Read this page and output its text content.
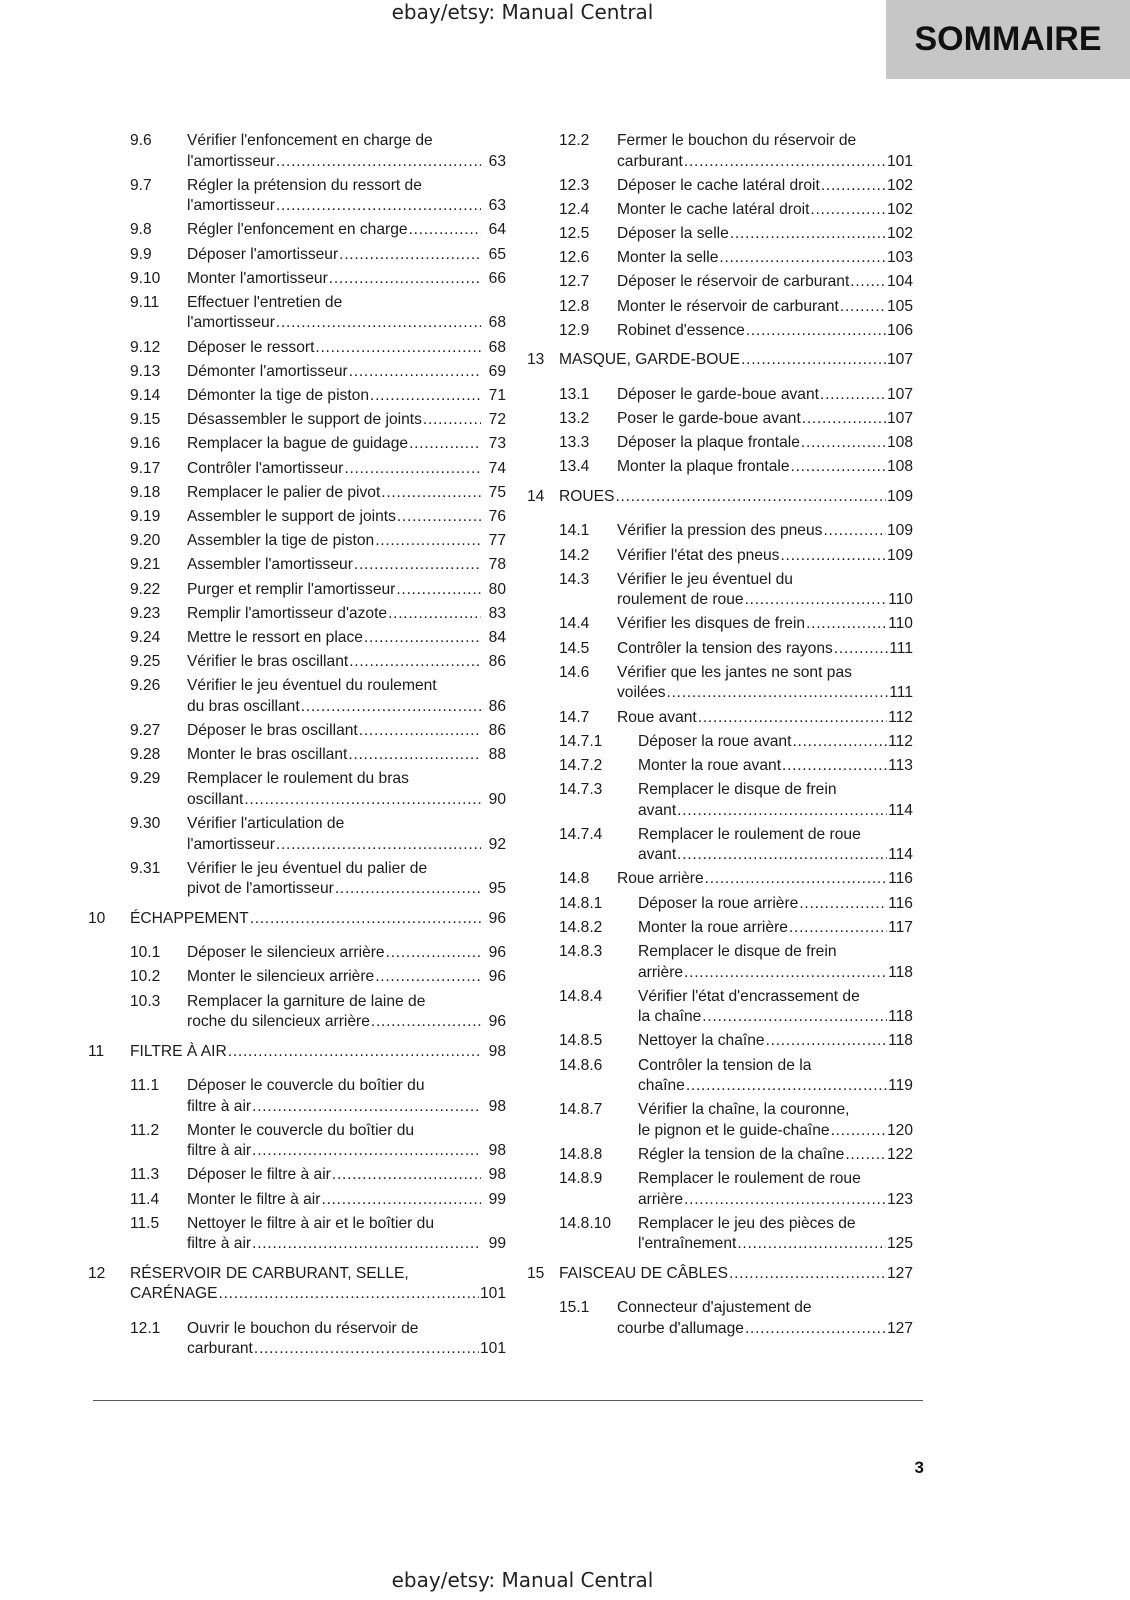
ebay/etsy: Manual Central
SOMMAIRE
9.6 Vérifier l'enfoncement en charge de
l'amortisseur . . .	63
9.7 Régler la prétension du ressort de
l'amortisseur . . .	63
9.8 Régler l'enfoncement en charge . . .	64
9.9 Déposer l'amortisseur . . .	65
9.10 Monter l'amortisseur . . .	66
9.11 Effectuer l'entretien de
l'amortisseur . . .	68
9.12 Déposer le ressort . . .	68
9.13 Démonter l'amortisseur . . .	69
9.14 Démonter la tige de piston . . .	71
9.15 Désassembler le support de joints . . .	72
9.16 Remplacer la bague de guidage . . .	73
9.17 Contrôler l'amortisseur . . .	74
9.18 Remplacer le palier de pivot . . .	75
9.19 Assembler le support de joints . . .	76
9.20 Assembler la tige de piston . . .	77
9.21 Assembler l'amortisseur . . .	78
9.22 Purger et remplir l'amortisseur . . .	80
9.23 Remplir l'amortisseur d'azote . . .	83
9.24 Mettre le ressort en place . . .	84
9.25 Vérifier le bras oscillant . . .	86
9.26 Vérifier le jeu éventuel du roulement
du bras oscillant . . .	86
9.27 Déposer le bras oscillant . . .	86
9.28 Monter le bras oscillant . . .	88
9.29 Remplacer le roulement du bras
oscillant . . .	90
9.30 Vérifier l'articulation de
l'amortisseur . . .	92
9.31 Vérifier le jeu éventuel du palier de
pivot de l'amortisseur . . .	95
10 ÉCHAPPEMENT . . .	96
10.1 Déposer le silencieux arrière . . .	96
10.2 Monter le silencieux arrière . . .	96
10.3 Remplacer la garniture de laine de
roche du silencieux arrière . . .	96
11 FILTRE À AIR . . .	98
11.1 Déposer le couvercle du boîtier du
filtre à air . . .	98
11.2 Monter le couvercle du boîtier du
filtre à air . . .	98
11.3 Déposer le filtre à air . . .	98
11.4 Monter le filtre à air . . .	99
11.5 Nettoyer le filtre à air et le boîtier du
filtre à air . . .	99
12 RÉSERVOIR DE CARBURANT, SELLE,
CARÉNAGE . . .	101
12.1 Ouvrir le bouchon du réservoir de
carburant . . .	101
12.2 Fermer le bouchon du réservoir de
carburant . . .	101
12.3 Déposer le cache latéral droit . . .	102
12.4 Monter le cache latéral droit . . .	102
12.5 Déposer la selle . . .	102
12.6 Monter la selle . . .	103
12.7 Déposer le réservoir de carburant . . . 104
12.8 Monter le réservoir de carburant . . .	105
12.9 Robinet d'essence . . .	106
13 MASQUE, GARDE-BOUE . . .	107
13.1 Déposer le garde-boue avant . . .	107
13.2 Poser le garde-boue avant . . .	107
13.3 Déposer la plaque frontale . . .	108
13.4 Monter la plaque frontale . . .	108
14 ROUES . . .	109
14.1 Vérifier la pression des pneus . . .	109
14.2 Vérifier l'état des pneus . . .	109
14.3 Vérifier le jeu éventuel du
roulement de roue . . .	110
14.4 Vérifier les disques de frein . . .	110
14.5 Contrôler la tension des rayons . . .	111
14.6 Vérifier que les jantes ne sont pas
voilées . . .	111
14.7 Roue avant . . .	112
14.7.1 Déposer la roue avant . . .	112
14.7.2 Monter la roue avant . . .	113
14.7.3 Remplacer le disque de frein
avant . . .	114
14.7.4 Remplacer le roulement de roue
avant . . .	114
14.8 Roue arrière . . .	116
14.8.1 Déposer la roue arrière . . .	116
14.8.2 Monter la roue arrière . . .	117
14.8.3 Remplacer le disque de frein
arrière . . .	118
14.8.4 Vérifier l'état d'encrassement de
la chaîne . . .	118
14.8.5 Nettoyer la chaîne . . .	118
14.8.6 Contrôler la tension de la
chaîne . . .	119
14.8.7 Vérifier la chaîne, la couronne,
le pignon et le guide-chaîne . . .	120
14.8.8 Régler la tension de la chaîne . . .	122
14.8.9 Remplacer le roulement de roue
arrière . . .	123
14.8.10 Remplacer le jeu des pièces de
l'entraînement . . .	125
15 FAISCEAU DE CÂBLES . . .	127
15.1 Connecteur d'ajustement de
courbe d'allumage . . .	127
3
ebay/etsy: Manual Central
